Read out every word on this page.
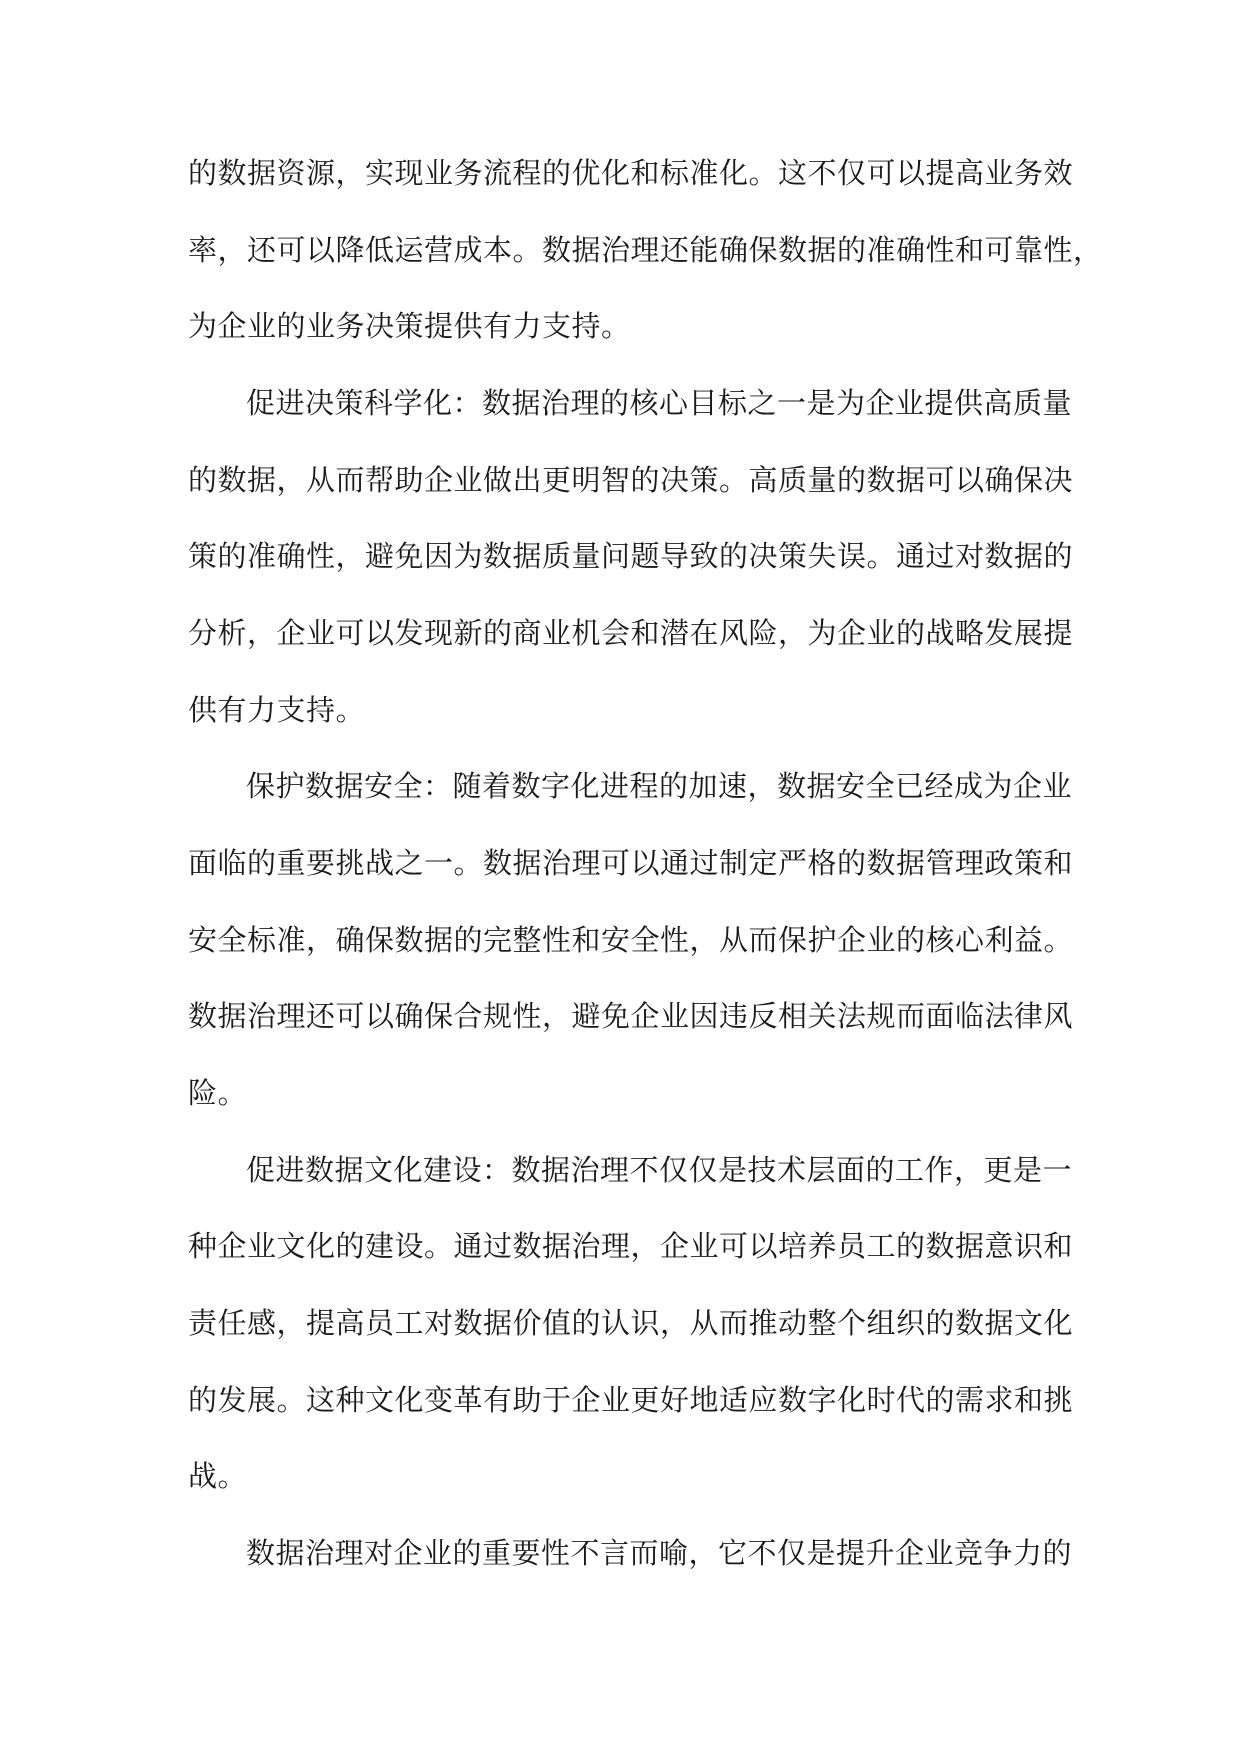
的数据资源，实现业务流程的优化和标准化。这不仅可以提高业务效
率，还可以降低运营成本。数据治理还能确保数据的准确性和可靠性，
为企业的业务决策提供有力支持。
促进决策科学化：数据治理的核心目标之一是为企业提供高质量
的数据，从而帮助企业做出更明智的决策。高质量的数据可以确保决
策的准确性，避免因为数据质量问题导致的决策失误。通过对数据的
分析，企业可以发现新的商业机会和潜在风险，为企业的战略发展提
供有力支持。
保护数据安全：随着数字化进程的加速，数据安全已经成为企业
面临的重要挑战之一。数据治理可以通过制定严格的数据管理政策和
安全标准，确保数据的完整性和安全性，从而保护企业的核心利益。
数据治理还可以确保合规性，避免企业因违反相关法规而面临法律风
险。
促进数据文化建设：数据治理不仅仅是技术层面的工作，更是一
种企业文化的建设。通过数据治理，企业可以培养员工的数据意识和
责任感，提高员工对数据价值的认识，从而推动整个组织的数据文化
的发展。这种文化变革有助于企业更好地适应数字化时代的需求和挑
战。
数据治理对企业的重要性不言而喻，它不仅是提升企业竞争力的
